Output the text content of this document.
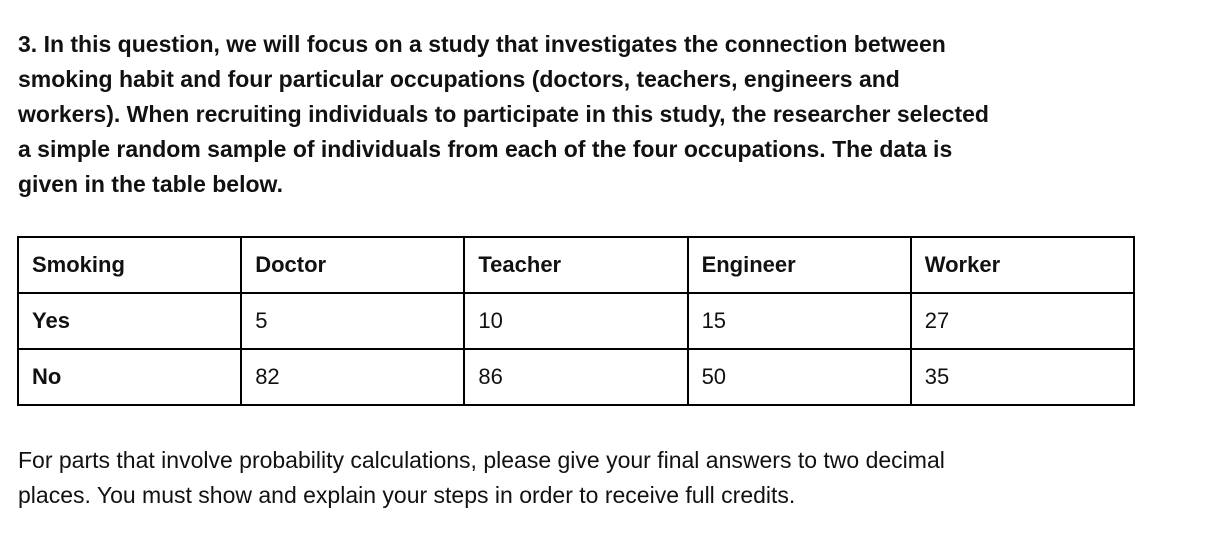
3. In this question, we will focus on a study that investigates the connection between
smoking habit and four particular occupations (doctors, teachers, engineers and
workers). When recruiting individuals to participate in this study, the researcher selected
a simple random sample of individuals from each of the four occupations. The data is
given in the table below.

Smoking	Doctor	Teacher	Engineer	Worker
Yes	5	10	15	27
No	82	86	50	35

For parts that involve probability calculations, please give your final answers to two decimal
places. You must show and explain your steps in order to receive full credits.
